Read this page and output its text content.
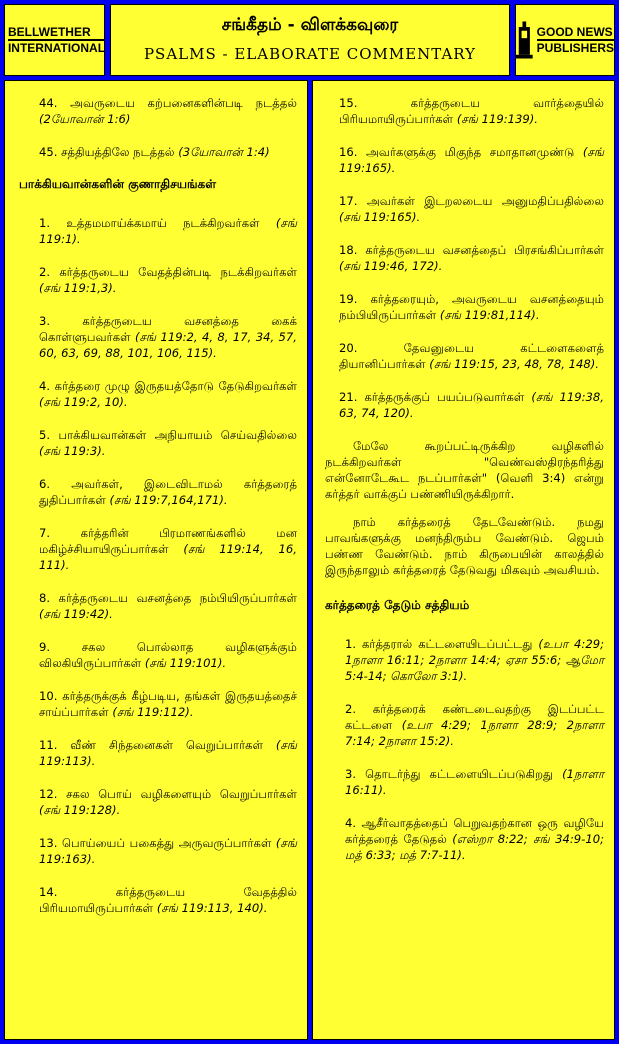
BELLWETHER
INTERNATIONAL
சங்கீதம் - விளக்கவுரை
PSALMS - ELABORATE COMMENTARY
GOOD NEWS
PUBLISHERS
44. அவருடைய கற்பனைகளின்படி நடத்தல் (2யோவான் 1:6)
45. சத்தியத்திலே நடத்தல் (3யோவான் 1:4)
பாக்கியவான்களின் குணாதிசயங்கள்
1. உத்தமமாய்க்கமாய் நடக்கிறவர்கள் (சங் 119:1).
2. கர்த்தருடைய வேதத்தின்படி நடக்கிறவர்கள் (சங் 119:1,3).
3.	கர்த்தருடைய வசனத்தை கைக் கொள்ளுபவர்கள் (சங் 119:2, 4, 8, 17, 34, 57, 60, 63, 69, 88, 101, 106, 115).
4. கர்த்தரை முழு இருதயத்தோடு தேடுகிறவர்கள் (சங் 119:2, 10).
5. பாக்கியவான்கள் அநியாயம் செய்வதில்லை (சங் 119:3).
6. அவர்கள், இடைவிடாமல் கர்த்தரைத் துதிப்பார்கள் (சங் 119:7,164,171).
7.	கர்த்தரின் பிரமாணங்களில் மன மகிழ்ச்சியாயிருப்பார்கள் (சங் 119:14, 16, 111).
8. கர்த்தருடைய வசனத்தை நம்பியிருப்பார்கள் (சங் 119:42).
9.	சகல பொல்லாத வழிகளுக்கும் விலகியிருப்பார்கள் (சங் 119:101).
10. கர்த்தருக்குக் கீழ்படிய, தங்கள் இருதயத்தைச் சாய்ப்பார்கள் (சங் 119:112).
11. வீண் சிந்தனைகள் வெறுப்பார்கள் (சங் 119:113).
12. சகல பொய் வழிகளையும் வெறுப்பார்கள் (சங் 119:128).
13. பொய்யைப் பகைத்து அருவருப்பார்கள் (சங் 119:163).
14.	கர்த்தருடைய வேதத்தில் பிரியமாயிருப்பார்கள் (சங் 119:113, 140).
15.	கர்த்தருடைய வார்த்தையில் பிரியமாயிருப்பார்கள் (சங் 119:139).
16. அவர்களுக்கு மிகுந்த சமாதானமுண்டு (சங் 119:165).
17. அவர்கள் இடறலடைய அனுமதிப்பதில்லை (சங் 119:165).
18. கர்த்தருடைய வசனத்தைப் பிரசங்கிப்பார்கள் (சங் 119:46, 172).
19. கர்த்தரையும், அவருடைய வசனத்தையும் நம்பியிருப்பார்கள் (சங் 119:81,114).
20.	தேவனுடைய கட்டளைகளைத் தியானிப்பார்கள் (சங் 119:15, 23, 48, 78, 148).
21. கர்த்தருக்குப் பயப்படுவார்கள் (சங் 119:38, 63, 74, 120).
மேலே கூறப்பட்டிருக்கிற வழிகளில் நடக்கிறவர்கள் "வெண்வஸ்திரந்தரித்து என்னோடேகூட நடப்பார்கள்" (வெளி 3:4) என்று கர்த்தர் வாக்குப் பண்ணியிருக்கிறார்.
நாம் கர்த்தரைத் தேடவேண்டும். நமது பாவங்களுக்கு மனந்திரும்ப வேண்டும். ஜெபம் பண்ண வேண்டும். நாம் கிருபையின் காலத்தில் இருந்தாலும் கர்த்தரைத் தேடுவது மிகவும் அவசியம்.
கர்த்தரைத் தேடும் சத்தியம்
1. கர்த்தரால் கட்டளையிடப்பட்டது (உபா 4:29; 1நாளா 16:11; 2நாளா 14:4; ஏசா 55:6; ஆமோ 5:4-14; கொலோ 3:1).
2. கர்த்தரைக் கண்டடைவதற்கு இடப்பட்ட கட்டளை (உபா 4:29; 1நாளா 28:9; 2நாளா 7:14; 2நாளா 15:2).
3. தொடர்ந்து கட்டளையிடப்படுகிறது (1நாளா 16:11).
4. ஆசீர்வாதத்தைப் பெறுவதற்கான ஒரு வழியே கர்த்தரைத் தேடுதல் (எஸ்றா 8:22; சங் 34:9-10; மத் 6:33; மத் 7:7-11).
